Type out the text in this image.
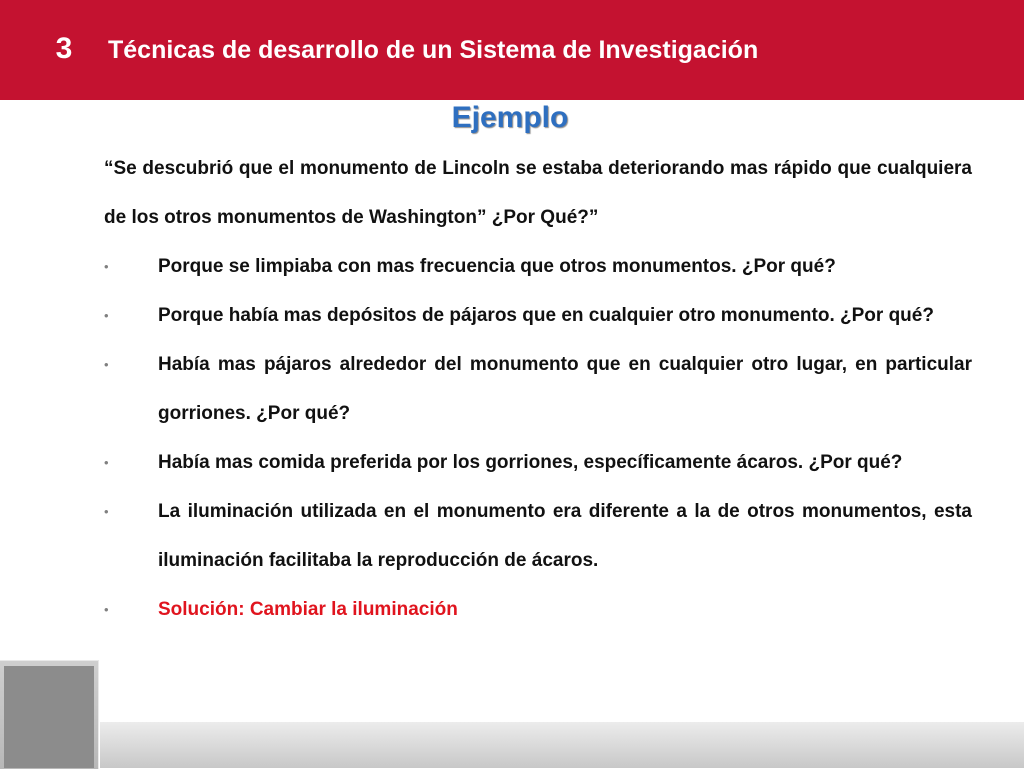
3 Técnicas de desarrollo de un Sistema de Investigación
Ejemplo

“Se descubrió que el monumento de Lincoln se estaba deteriorando mas rápido que cualquiera de los otros monumentos de Washington” ¿Por Qué?”

•	Porque se limpiaba con mas frecuencia que otros monumentos. ¿Por qué?
•	Porque había mas depósitos de pájaros que en cualquier otro monumento. ¿Por qué?
•	Había mas pájaros alrededor del monumento que en cualquier otro lugar, en particular gorriones. ¿Por qué?
•	Había mas comida preferida por los gorriones, específicamente ácaros. ¿Por qué?
•	La iluminación utilizada en el monumento era diferente a la de otros monumentos, esta iluminación facilitaba la reproducción de ácaros.
•	Solución: Cambiar la iluminación
